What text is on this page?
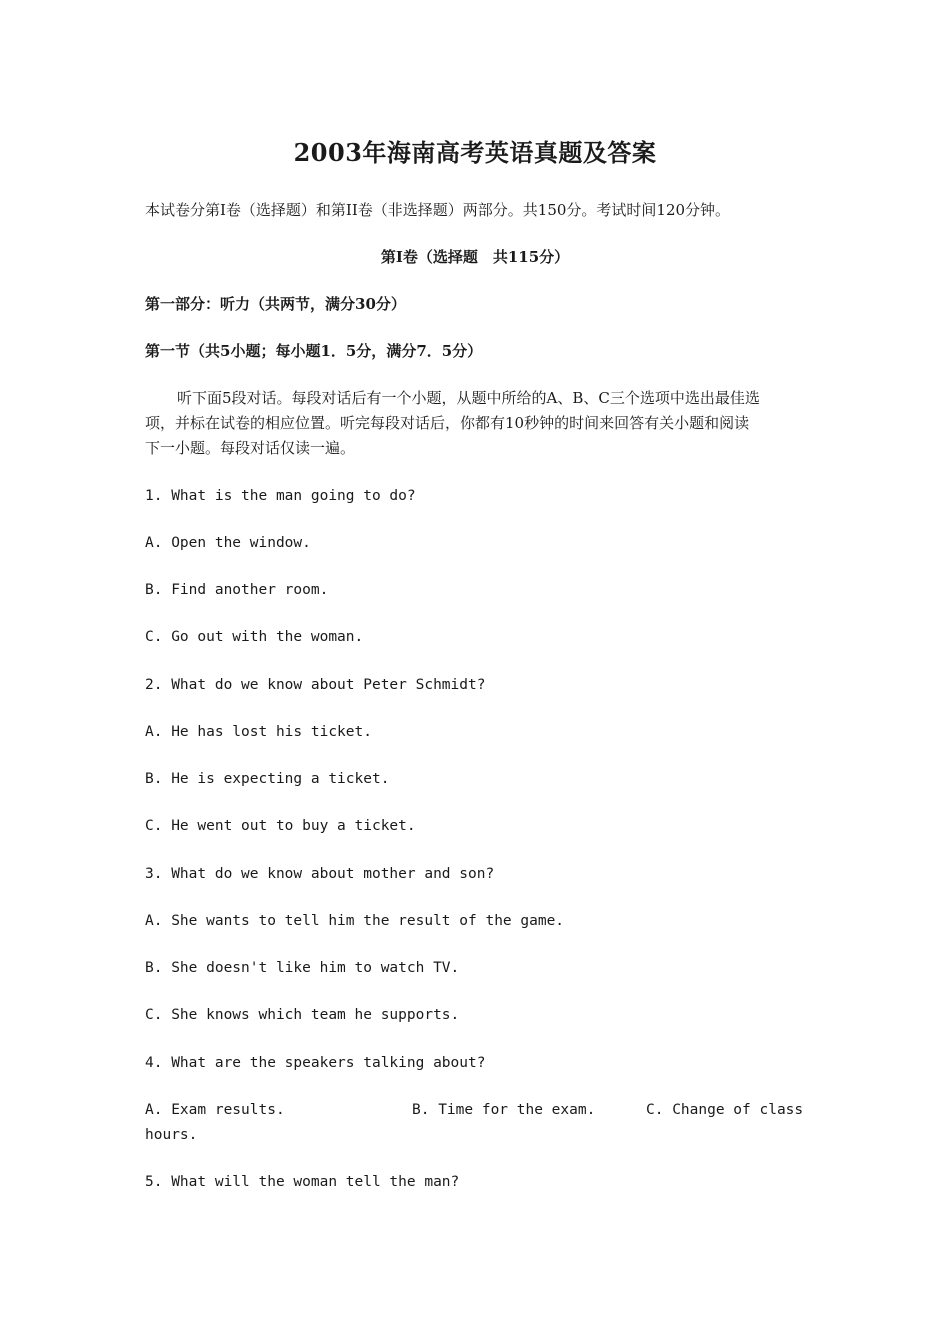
2003年海南高考英语真题及答案
本试卷分第Ⅰ卷（选择题）和第II卷（非选择题）两部分。共150分。考试时间120分钟。
第Ⅰ卷（选择题　共115分）
第一部分：听力（共两节，满分30分）
第一节（共5小题；每小题1．5分，满分7．5分）
听下面5段对话。每段对话后有一个小题，从题中所给的A、B、C三个选项中选出最佳选
项，并标在试卷的相应位置。听完每段对话后，你都有10秒钟的时间来回答有关小题和阅读
下一小题。每段对话仅读一遍。
1. What is the man going to do?
A. Open the window.
B. Find another room.
C. Go out with the woman.
2. What do we know about Peter Schmidt?
A. He has lost his ticket.
B. He is expecting a ticket.
C. He went out to buy a ticket.
3. What do we know about mother and son?
A. She wants to tell him the result of the game.
B. She doesn't like him to watch TV.
C. She knows which team he supports.
4. What are the speakers talking about?
A. Exam results.	B. Time for the exam.	C. Change of class
hours.
5. What will the woman tell the man?
